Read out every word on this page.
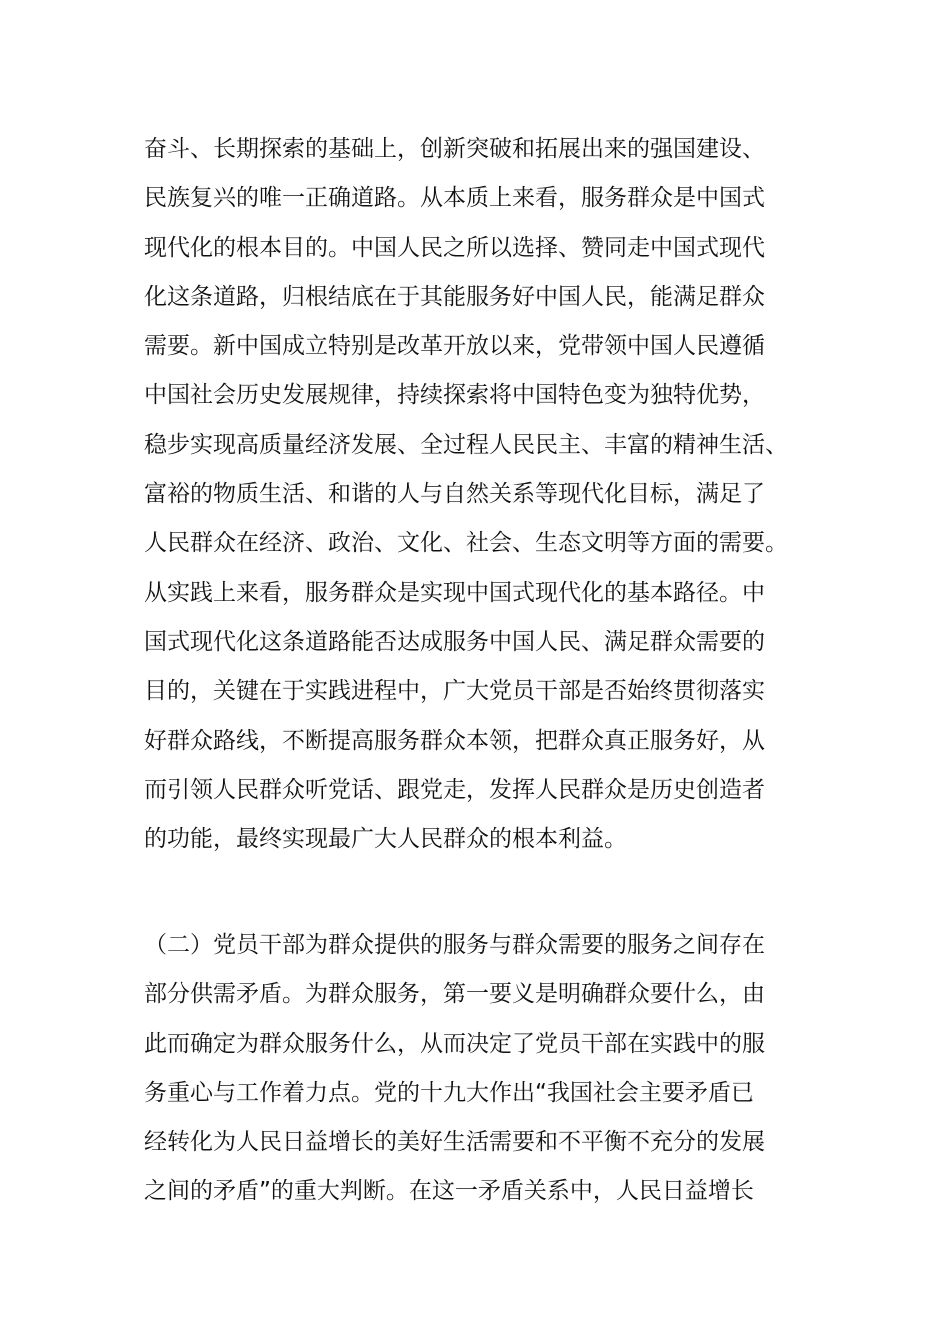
奋斗、长期探索的基础上，创新突破和拓展出来的强国建设、
民族复兴的唯一正确道路。从本质上来看，服务群众是中国式
现代化的根本目的。中国人民之所以选择、赞同走中国式现代
化这条道路，归根结底在于其能服务好中国人民，能满足群众
需要。新中国成立特别是改革开放以来，党带领中国人民遵循
中国社会历史发展规律，持续探索将中国特色变为独特优势，
稳步实现高质量经济发展、全过程人民民主、丰富的精神生活、
富裕的物质生活、和谐的人与自然关系等现代化目标，满足了
人民群众在经济、政治、文化、社会、生态文明等方面的需要。
从实践上来看，服务群众是实现中国式现代化的基本路径。中
国式现代化这条道路能否达成服务中国人民、满足群众需要的
目的，关键在于实践进程中，广大党员干部是否始终贯彻落实
好群众路线，不断提高服务群众本领，把群众真正服务好，从
而引领人民群众听党话、跟党走，发挥人民群众是历史创造者
的功能，最终实现最广大人民群众的根本利益。
（二）党员干部为群众提供的服务与群众需要的服务之间存在
部分供需矛盾。为群众服务，第一要义是明确群众要什么，由
此而确定为群众服务什么，从而决定了党员干部在实践中的服
务重心与工作着力点。党的十九大作出“我国社会主要矛盾已
经转化为人民日益增长的美好生活需要和不平衡不充分的发展
之间的矛盾”的重大判断。在这一矛盾关系中，人民日益增长
